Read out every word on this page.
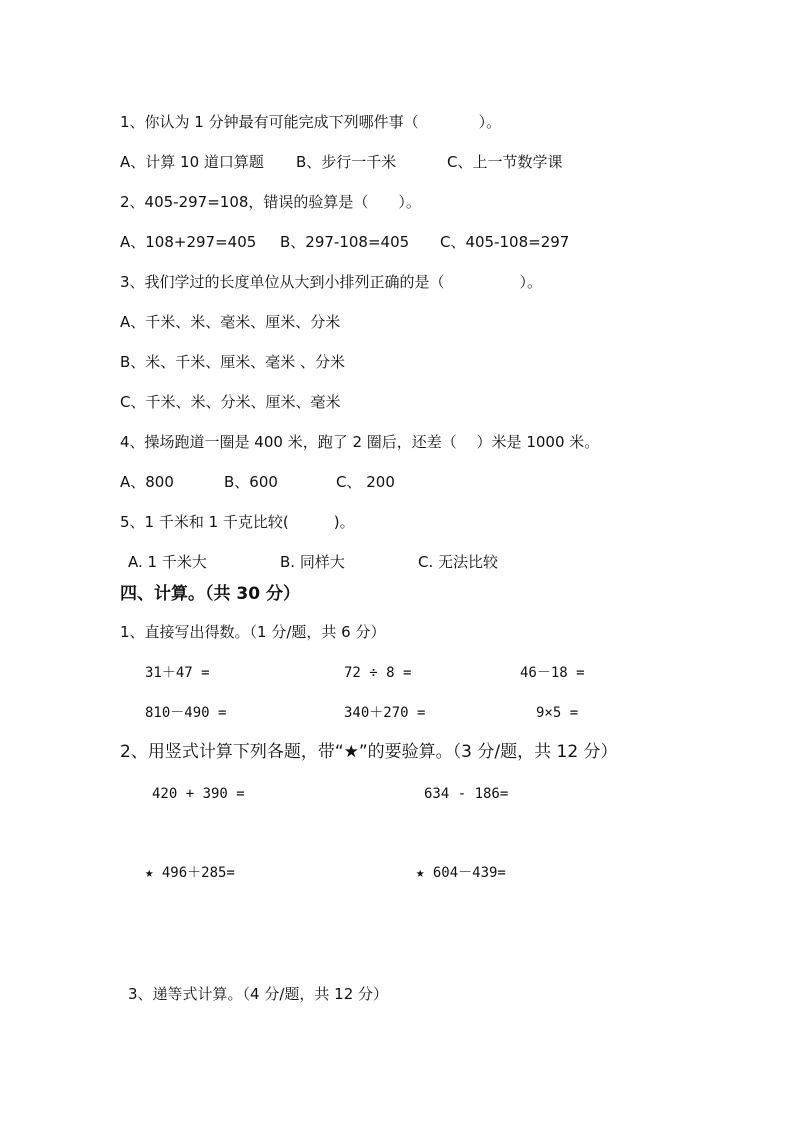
1、你认为 1 分钟最有可能完成下列哪件事（　　　　）。
A、计算 10 道口算题 B、步行一千米	C、上一节数学课
2、405-297=108，错误的验算是（　　）。
A、108+297=405 B、297-108=405 C、405-108=297
3、我们学过的长度单位从大到小排列正确的是（　　　　　）。
A、千米、米、毫米、厘米、分米
B、米、千米、厘米、毫米 、分米
C、千米、米、分米、厘米、毫米
4、操场跑道一圈是 400 米，跑了 2 圈后，还差（　 ）米是 1000 米。
A、800	B、600	C、 200
5、1 千米和 1 千克比较(　　　)。
A. 1 千米大	B. 同样大	C. 无法比较
四、计算。（共 30 分）
1、直接写出得数。（1 分/题，共 6 分）
31＋47 =	72 ÷ 8 =	46－18 =
810－490 =	340＋270 =	9×5 =
2、用竖式计算下列各题，带“★”的要验算。（3 分/题，共 12 分）
420 + 390 =	634 - 186=
★ 496＋285=	★ 604－439=
3、递等式计算。（4 分/题，共 12 分）
